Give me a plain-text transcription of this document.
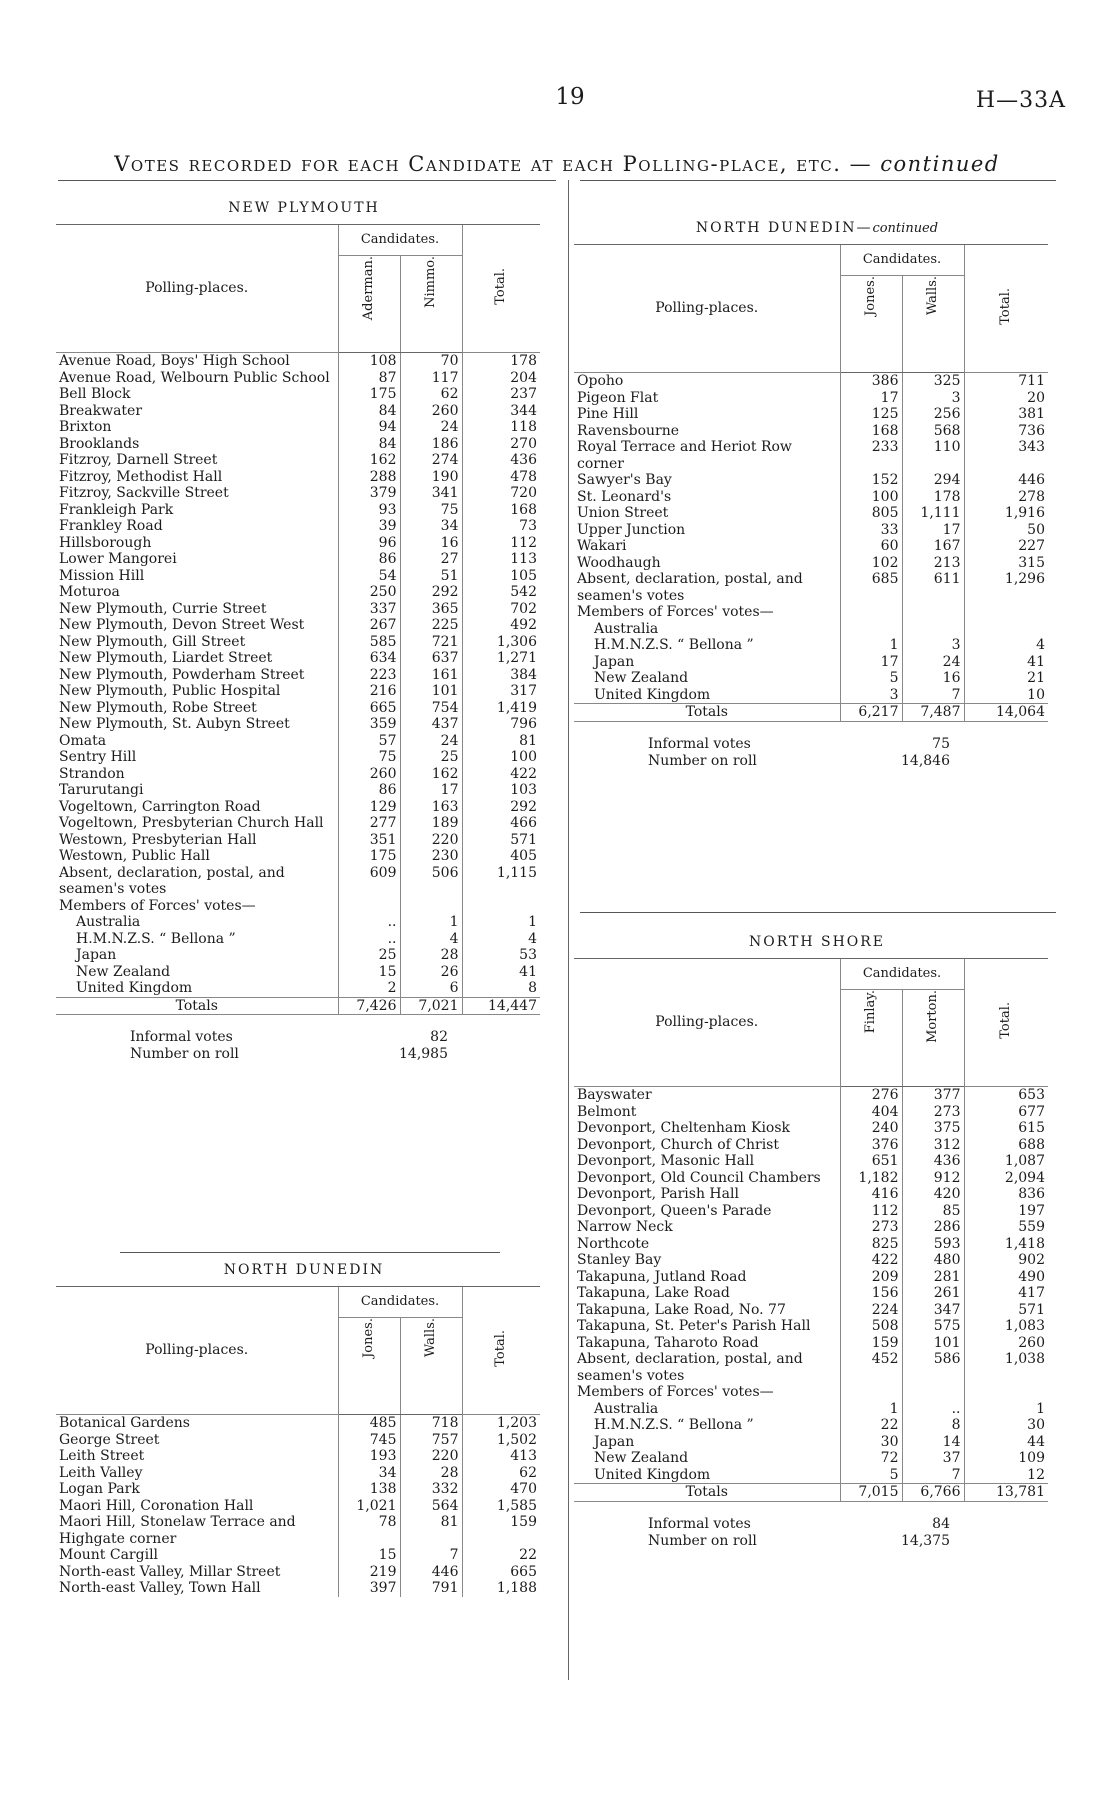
19	H—33A
Votes recorded for each Candidate at each Polling-place, etc. — continued
NEW PLYMOUTH
Polling-places.	Candidates.		Total.
	Aderman.	Nimmo.	
Avenue Road, Boys' High School	108	70	178
Avenue Road, Welbourn Public School	87	117	204
Bell Block	175	62	237
Breakwater	84	260	344
Brixton	94	24	118
Brooklands	84	186	270
Fitzroy, Darnell Street	162	274	436
Fitzroy, Methodist Hall	288	190	478
Fitzroy, Sackville Street	379	341	720
Frankleigh Park	93	75	168
Frankley Road	39	34	73
Hillsborough	96	16	112
Lower Mangorei	86	27	113
Mission Hill	54	51	105
Moturoa	250	292	542
New Plymouth, Currie Street	337	365	702
New Plymouth, Devon Street West	267	225	492
New Plymouth, Gill Street	585	721	1,306
New Plymouth, Liardet Street	634	637	1,271
New Plymouth, Powderham Street	223	161	384
New Plymouth, Public Hospital	216	101	317
New Plymouth, Robe Street	665	754	1,419
New Plymouth, St. Aubyn Street	359	437	796
Omata	57	24	81
Sentry Hill	75	25	100
Strandon	260	162	422
Tarurutangi	86	17	103
Vogeltown, Carrington Road	129	163	292
Vogeltown, Presbyterian Church Hall	277	189	466
Westown, Presbyterian Hall	351	220	571
Westown, Public Hall	175	230	405
Absent, declaration, postal, and seamen's votes	609	506	1,115
Members of Forces' votes—			
Australia	..	1	1
H.M.N.Z.S. “ Bellona ”	..	4	4
Japan	25	28	53
New Zealand	15	26	41
United Kingdom	2	6	8
Totals	7,426	7,021	14,447
Informal votes	82
Number on roll	14,985
NORTH DUNEDIN
Polling-places.	Candidates.		Total.
	Jones.	Walls.	
Botanical Gardens	485	718	1,203
George Street	745	757	1,502
Leith Street	193	220	413
Leith Valley	34	28	62
Logan Park	138	332	470
Maori Hill, Coronation Hall	1,021	564	1,585
Maori Hill, Stonelaw Terrace and Highgate corner	78	81	159
Mount Cargill	15	7	22
North-east Valley, Millar Street	219	446	665
North-east Valley, Town Hall	397	791	1,188
NORTH DUNEDIN—continued
Polling-places.	Candidates.		Total.
	Jones.	Walls.	
Opoho	386	325	711
Pigeon Flat	17	3	20
Pine Hill	125	256	381
Ravensbourne	168	568	736
Royal Terrace and Heriot Row corner	233	110	343
Sawyer's Bay	152	294	446
St. Leonard's	100	178	278
Union Street	805	1,111	1,916
Upper Junction	33	17	50
Wakari	60	167	227
Woodhaugh	102	213	315
Absent, declaration, postal, and seamen's votes	685	611	1,296
Members of Forces' votes—			
Australia			
H.M.N.Z.S. “ Bellona ”	1	3	4
Japan	17	24	41
New Zealand	5	16	21
United Kingdom	3	7	10
Totals	6,217	7,487	14,064
Informal votes	75
Number on roll	14,846
NORTH SHORE
Polling-places.	Candidates.		Total.
	Finlay.	Morton.	
Bayswater	276	377	653
Belmont	404	273	677
Devonport, Cheltenham Kiosk	240	375	615
Devonport, Church of Christ	376	312	688
Devonport, Masonic Hall	651	436	1,087
Devonport, Old Council Chambers	1,182	912	2,094
Devonport, Parish Hall	416	420	836
Devonport, Queen's Parade	112	85	197
Narrow Neck	273	286	559
Northcote	825	593	1,418
Stanley Bay	422	480	902
Takapuna, Jutland Road	209	281	490
Takapuna, Lake Road	156	261	417
Takapuna, Lake Road, No. 77	224	347	571
Takapuna, St. Peter's Parish Hall	508	575	1,083
Takapuna, Taharoto Road	159	101	260
Absent, declaration, postal, and seamen's votes	452	586	1,038
Members of Forces' votes—			
Australia	1	..	1
H.M.N.Z.S. “ Bellona ”	22	8	30
Japan	30	14	44
New Zealand	72	37	109
United Kingdom	5	7	12
Totals	7,015	6,766	13,781
Informal votes	84
Number on roll	14,375
